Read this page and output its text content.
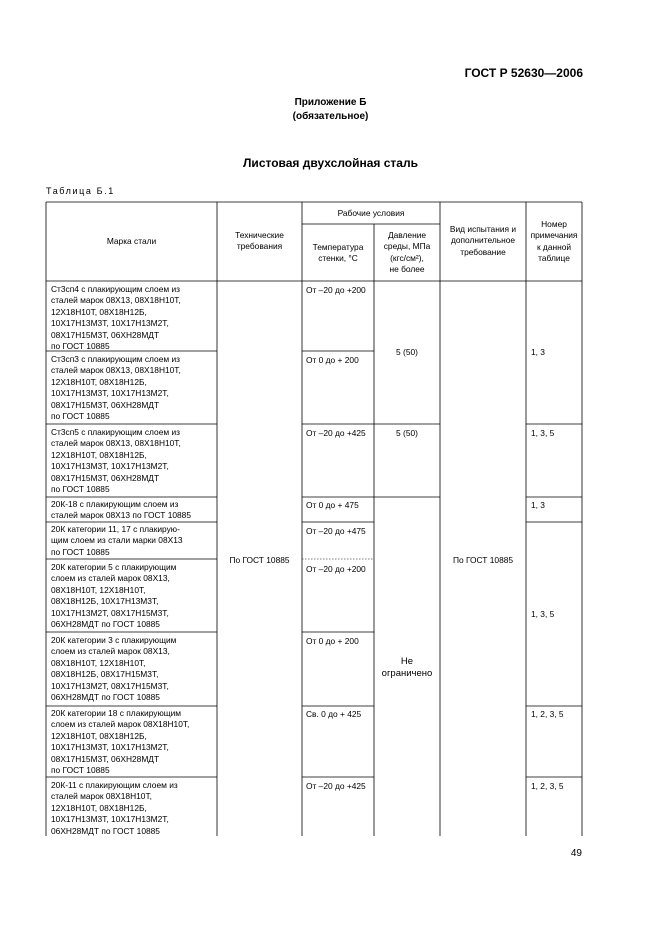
ГОСТ Р 52630—2006
Приложение Б
(обязательное)
Листовая двухслойная сталь
Таблица Б.1
Марка стали
Технические
требования
Рабочие условия
Температура
стенки, °С
Давление
среды, МПа
(кгс/см²),
не более
Вид испытания и
дополнительное
требование
Номер
примечания
к данной
таблице
Ст3сп4 с плакирующим слоем из
сталей марок 08Х13, 08Х18Н10Т,
12Х18Н10Т, 08Х18Н12Б,
10Х17Н13М3Т, 10Х17Н13М2Т,
08Х17Н15М3Т, 06ХН28МДТ
по ГОСТ 10885
Ст3сп3 с плакирующим слоем из
сталей марок 08Х13, 08Х18Н10Т,
12Х18Н10Т, 08Х18Н12Б,
10Х17Н13М3Т, 10Х17Н13М2Т,
08Х17Н15М3Т, 06ХН28МДТ
по ГОСТ 10885
Ст3сп5 с плакирующим слоем из
сталей марок 08Х13, 08Х18Н10Т,
12Х18Н10Т, 08Х18Н12Б,
10Х17Н13М3Т, 10Х17Н13М2Т,
08Х17Н15М3Т, 06ХН28МДТ
по ГОСТ 10885
20К-18 с плакирующим слоем из
сталей марок 08Х13 по ГОСТ 10885
20К категории 11, 17 с плакирую-
щим слоем из стали марки 08Х13
по ГОСТ 10885
20К категории 5 с плакирующим
слоем из сталей марок 08Х13,
08Х18Н10Т, 12Х18Н10Т,
08Х18Н12Б, 10Х17Н13М3Т,
10Х17Н13М2Т, 08Х17Н15М3Т,
06ХН28МДТ по ГОСТ 10885
20К категории 3 с плакирующим
слоем из сталей марок 08Х13,
08Х18Н10Т, 12Х18Н10Т,
08Х18Н12Б, 08Х17Н15М3Т,
10Х17Н13М2Т, 08Х17Н15М3Т,
06ХН28МДТ по ГОСТ 10885
20К категории 18 с плакирующим
слоем из сталей марок 08Х18Н10Т,
12Х18Н10Т, 08Х18Н12Б,
10Х17Н13М3Т, 10Х17Н13М2Т,
08Х17Н15М3Т, 06ХН28МДТ
по ГОСТ 10885
20К-11 с плакирующим слоем из
сталей марок 08Х18Н10Т,
12Х18Н10Т, 08Х18Н12Б,
10Х17Н13М3Т, 10Х17Н13М2Т,
06ХН28МДТ по ГОСТ 10885
По ГОСТ 10885
От –20 до +200
От 0 до + 200
От –20 до +425
От 0 до + 475
От –20 до +475
От –20 до +200
От 0 до + 200
Св. 0 до + 425
От –20 до +425
5 (50)
5 (50)
Не
ограничено
По ГОСТ 10885
1, 3
1, 3, 5
1, 3
1, 3, 5
1, 2, 3, 5
1, 2, 3, 5
49
